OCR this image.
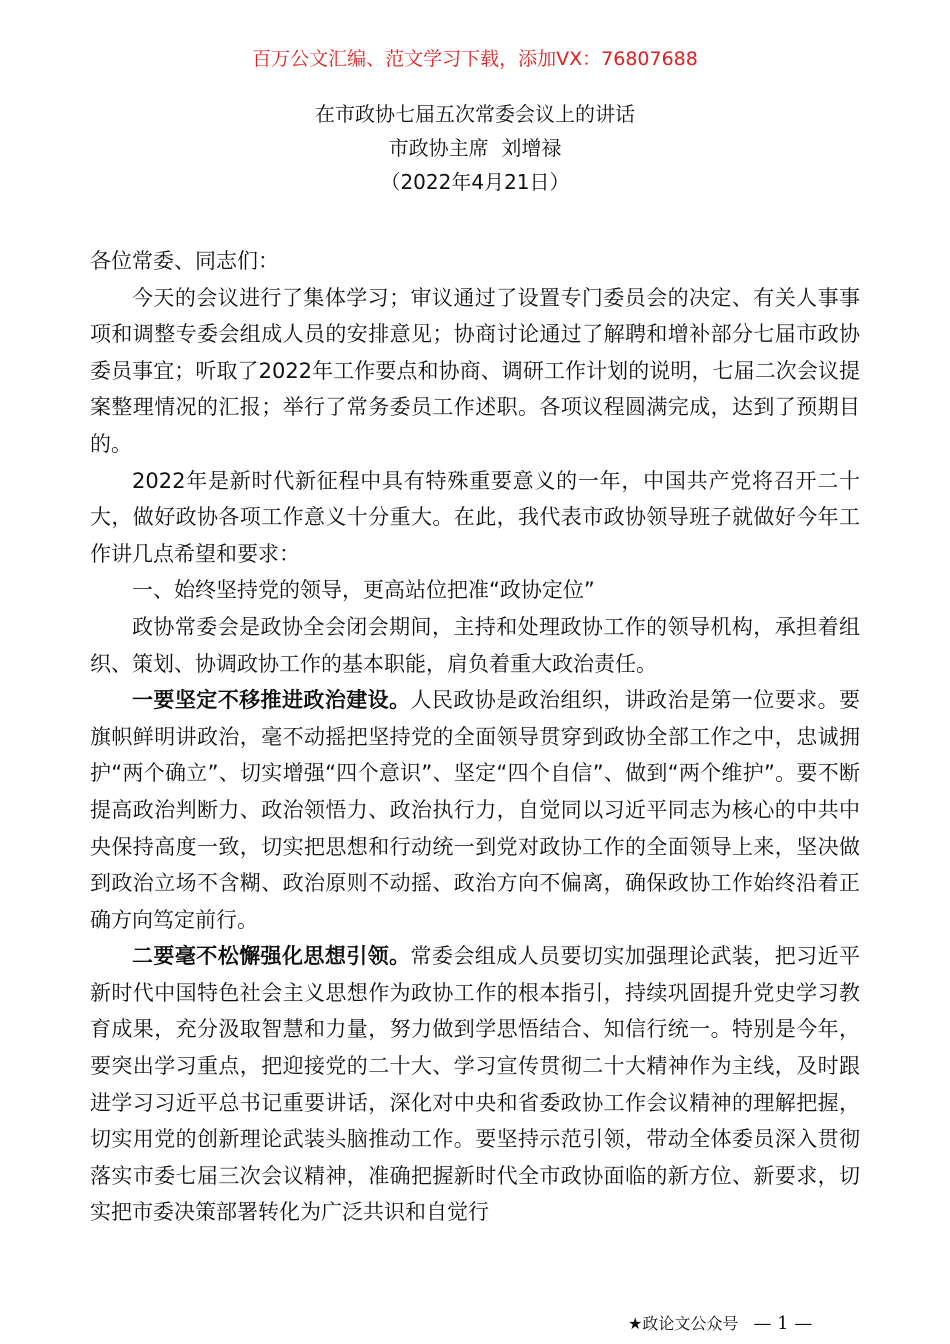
百万公文汇编、范文学习下载，添加VX：76807688
在市政协七届五次常委会议上的讲话
市政协主席  刘增禄
（2022年4月21日）

各位常委、同志们：

今天的会议进行了集体学习；审议通过了设置专门委员会的决定、有关人事事项和调整专委会组成人员的安排意见；协商讨论通过了解聘和增补部分七届市政协委员事宜；听取了2022年工作要点和协商、调研工作计划的说明，七届二次会议提案整理情况的汇报；举行了常务委员工作述职。各项议程圆满完成，达到了预期目的。

2022年是新时代新征程中具有特殊重要意义的一年，中国共产党将召开二十大，做好政协各项工作意义十分重大。在此，我代表市政协领导班子就做好今年工作讲几点希望和要求：

一、始终坚持党的领导，更高站位把准“政协定位”

政协常委会是政协全会闭会期间，主持和处理政协工作的领导机构，承担着组织、策划、协调政协工作的基本职能，肩负着重大政治责任。

一要坚定不移推进政治建设。人民政协是政治组织，讲政治是第一位要求。要旗帜鲜明讲政治，毫不动摇把坚持党的全面领导贯穿到政协全部工作之中，忠诚拥护“两个确立”、切实增强“四个意识”、坚定“四个自信”、做到“两个维护”。要不断提高政治判断力、政治领悟力、政治执行力，自觉同以习近平同志为核心的中共中央保持高度一致，切实把思想和行动统一到党对政协工作的全面领导上来，坚决做到政治立场不含糊、政治原则不动摇、政治方向不偏离，确保政协工作始终沿着正确方向笃定前行。

二要毫不松懈强化思想引领。常委会组成人员要切实加强理论武装，把习近平新时代中国特色社会主义思想作为政协工作的根本指引，持续巩固提升党史学习教育成果，充分汲取智慧和力量，努力做到学思悟结合、知信行统一。特别是今年，要突出学习重点，把迎接党的二十大、学习宣传贯彻二十大精神作为主线，及时跟进学习习近平总书记重要讲话，深化对中央和省委政协工作会议精神的理解把握，切实用党的创新理论武装头脑推动工作。要坚持示范引领，带动全体委员深入贯彻落实市委七届三次会议精神，准确把握新时代全市政协面临的新方位、新要求，切实把市委决策部署转化为广泛共识和自觉行

★政论文公众号 — 1 —
